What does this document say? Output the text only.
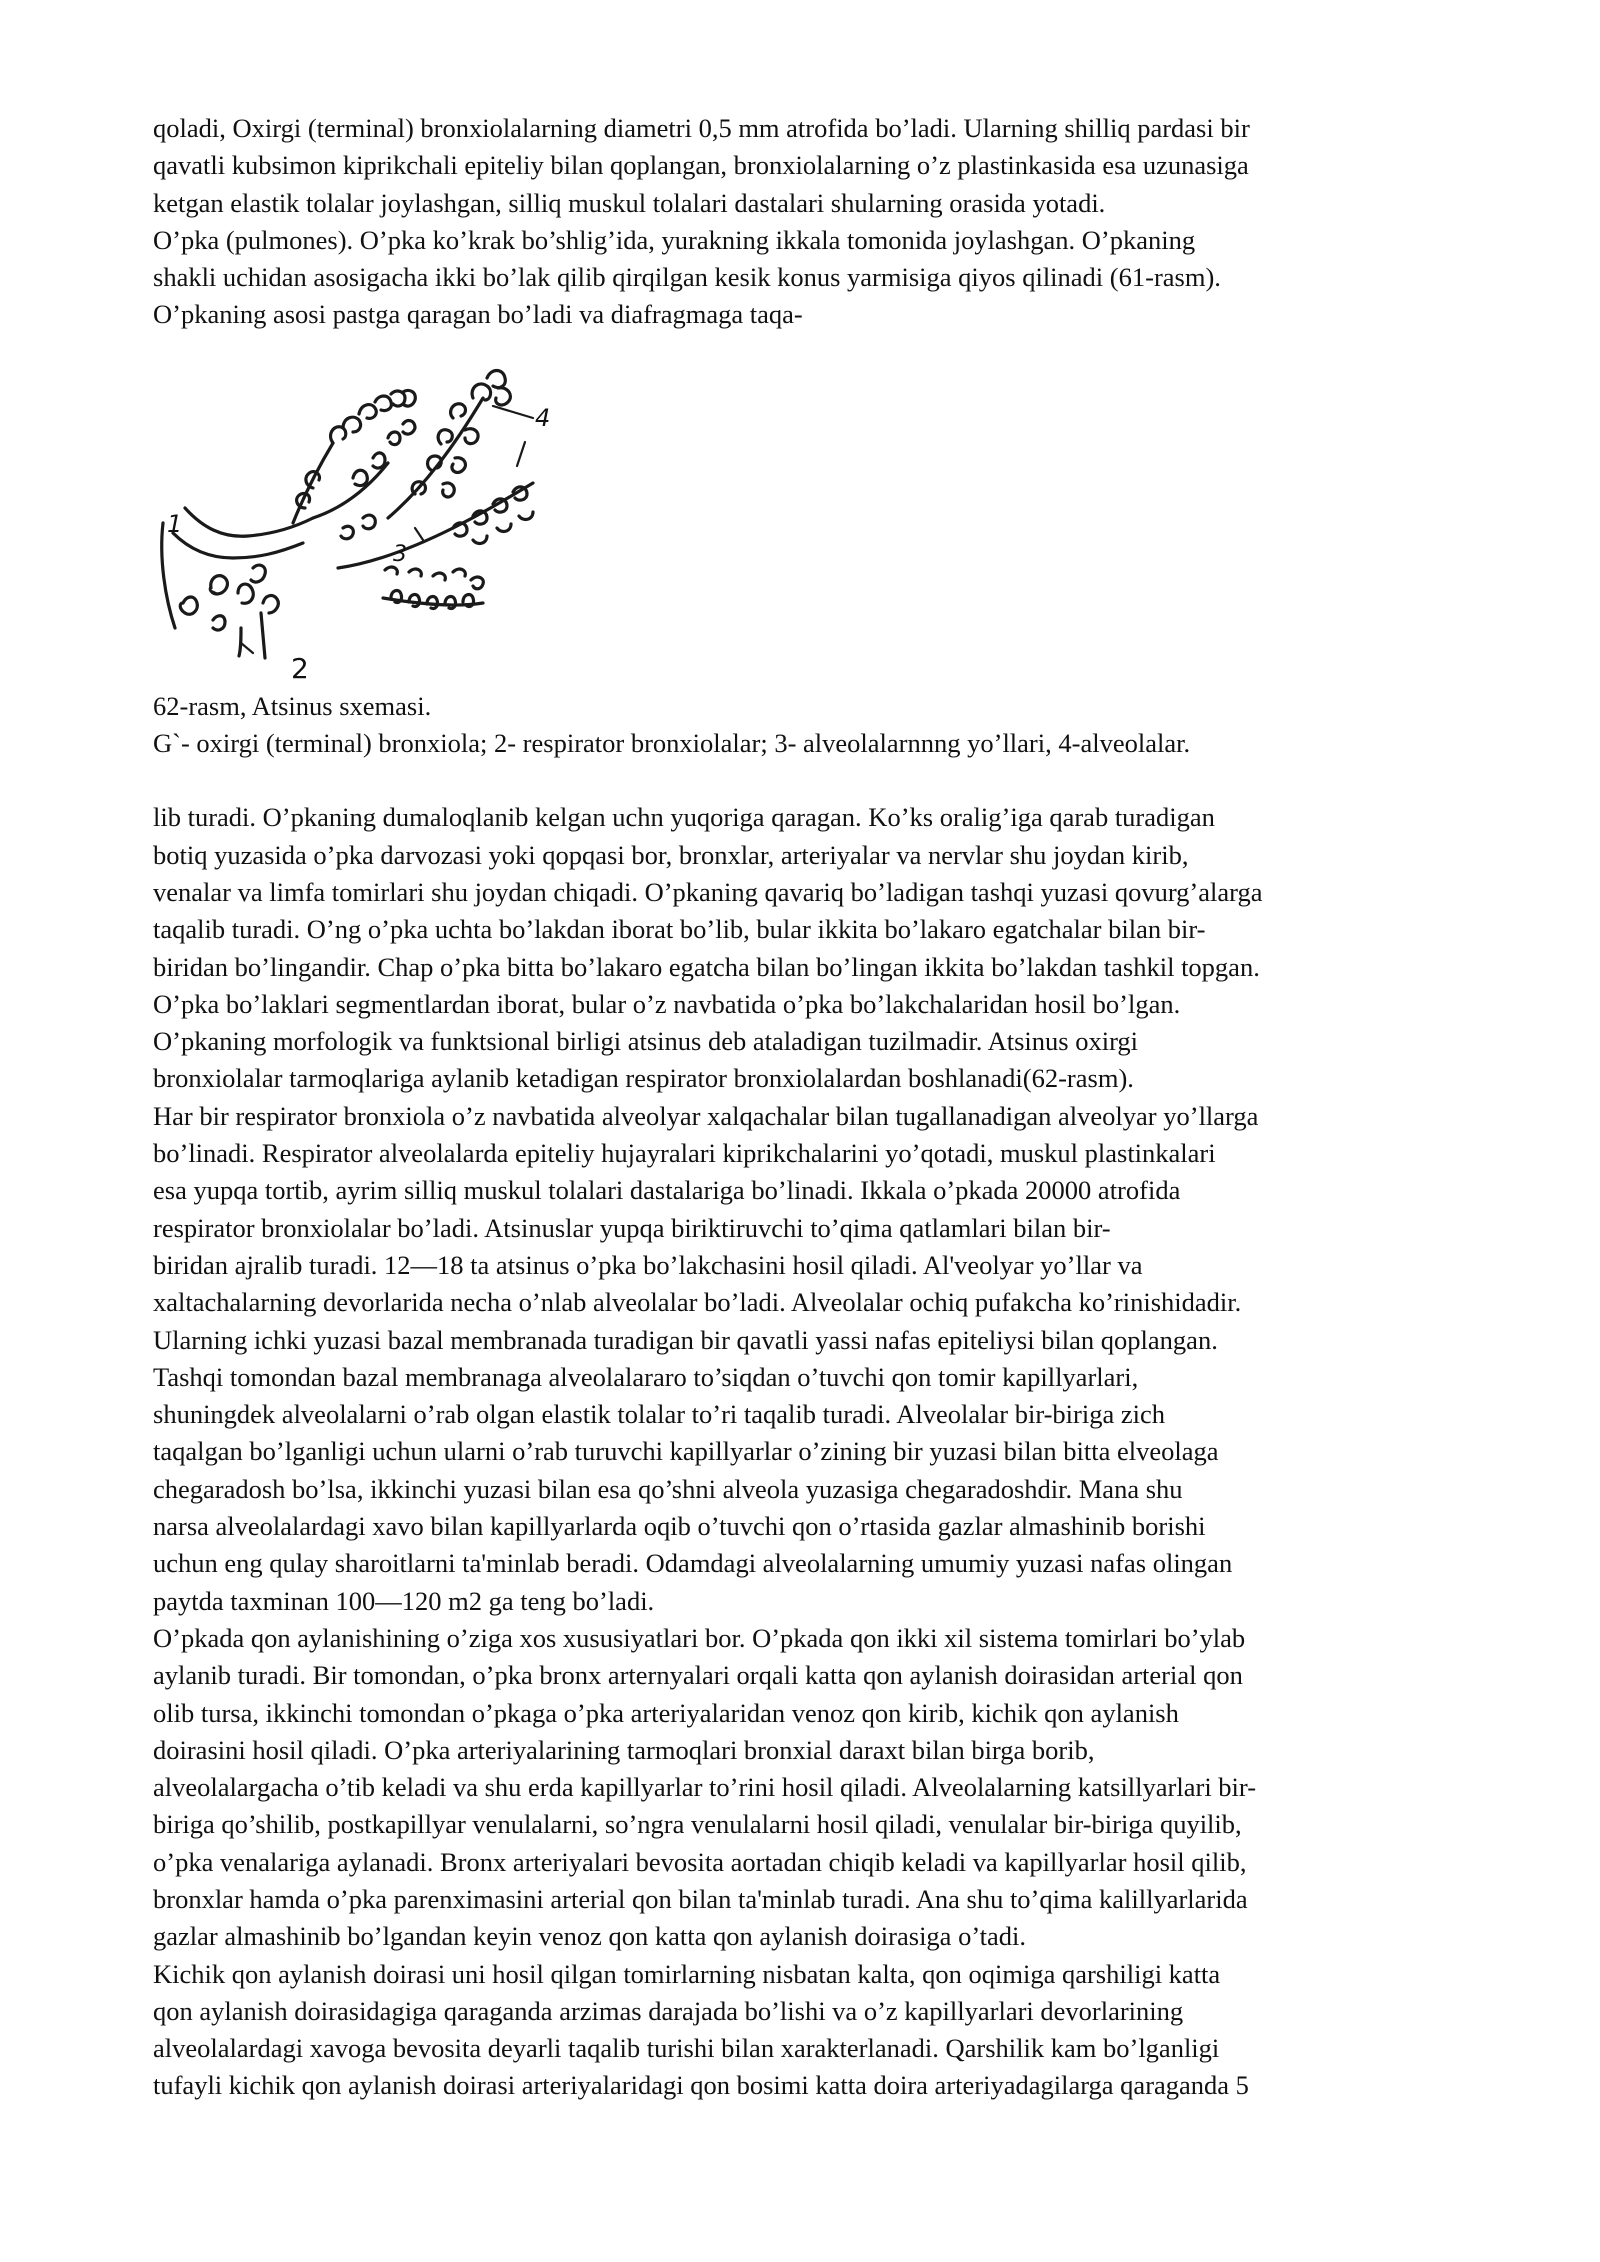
qoladi, Oxirgi (terminal) bronxiolalarning diametri 0,5 mm atrofida bo’ladi. Ularning shilliq pardasi bir
qavatli kubsimon kiprikchali epiteliy bilan qoplangan, bronxiolalarning o’z plastinkasida esa uzunasiga
ketgan elastik tolalar joylashgan, silliq muskul tolalari dastalari shularning orasida yotadi.
O’pka (pulmones). O’pka ko’krak bo’shlig’ida, yurakning ikkala tomonida joylashgan. O’pkaning
shakli uchidan asosigacha ikki bo’lak qilib qirqilgan kesik konus yarmisiga qiyos qilinadi (61-rasm).
O’pkaning asosi pastga qaragan bo’ladi va diafragmaga taqa-
1
2
3
4
62-rasm, Atsinus sxemasi.
G`- oxirgi (terminal) bronxiola; 2- respirator bronxiolalar; 3- alveolalarnnng yo’llari, 4-alveolalar.
lib turadi. O’pkaning dumaloqlanib kelgan uchn yuqoriga qaragan. Ko’ks oralig’iga qarab turadigan
botiq yuzasida o’pka darvozasi yoki qopqasi bor, bronxlar, arteriyalar va nervlar shu joydan kirib,
venalar va limfa tomirlari shu joydan chiqadi. O’pkaning qavariq bo’ladigan tashqi yuzasi qovurg’alarga
taqalib turadi. O’ng o’pka uchta bo’lakdan iborat bo’lib, bular ikkita bo’lakaro egatchalar bilan bir-
biridan bo’lingandir. Chap o’pka bitta bo’lakaro egatcha bilan bo’lingan ikkita bo’lakdan tashkil topgan.
O’pka bo’laklari segmentlardan iborat, bular o’z navbatida o’pka bo’lakchalaridan hosil bo’lgan.
O’pkaning morfologik va funktsional birligi atsinus deb ataladigan tuzilmadir. Atsinus oxirgi
bronxiolalar tarmoqlariga aylanib ketadigan respirator bronxiolalardan boshlanadi(62-rasm).
Har bir respirator bronxiola o’z navbatida alveolyar xalqachalar bilan tugallanadigan alveolyar yo’llarga
bo’linadi. Respirator alveolalarda epiteliy hujayralari kiprikchalarini yo’qotadi, muskul plastinkalari
esa yupqa tortib, ayrim silliq muskul tolalari dastalariga bo’linadi. Ikkala o’pkada 20000 atrofida
respirator bronxiolalar bo’ladi. Atsinuslar yupqa biriktiruvchi to’qima qatlamlari bilan bir-
biridan ajralib turadi. 12—18 ta atsinus o’pka bo’lakchasini hosil qiladi. Al'veolyar yo’llar va
xaltachalarning devorlarida necha o’nlab alveolalar bo’ladi. Alveolalar ochiq pufakcha ko’rinishidadir.
Ularning ichki yuzasi bazal membranada turadigan bir qavatli yassi nafas epiteliysi bilan qoplangan.
Tashqi tomondan bazal membranaga alveolalararo to’siqdan o’tuvchi qon tomir kapillyarlari,
shuningdek alveolalarni o’rab olgan elastik tolalar to’ri taqalib turadi. Alveolalar bir-biriga zich
taqalgan bo’lganligi uchun ularni o’rab turuvchi kapillyarlar o’zining bir yuzasi bilan bitta elveolaga
chegaradosh bo’lsa, ikkinchi yuzasi bilan esa qo’shni alveola yuzasiga chegaradoshdir. Mana shu
narsa alveolalardagi xavo bilan kapillyarlarda oqib o’tuvchi qon o’rtasida gazlar almashinib borishi
uchun eng qulay sharoitlarni ta'minlab beradi. Odamdagi alveolalarning umumiy yuzasi nafas olingan
paytda taxminan 100—120 m2 ga teng bo’ladi.
O’pkada qon aylanishining o’ziga xos xususiyatlari bor. O’pkada qon ikki xil sistema tomirlari bo’ylab
aylanib turadi. Bir tomondan, o’pka bronx arternyalari orqali katta qon aylanish doirasidan arterial qon
olib tursa, ikkinchi tomondan o’pkaga o’pka arteriyalaridan venoz qon kirib, kichik qon aylanish
doirasini hosil qiladi. O’pka arteriyalarining tarmoqlari bronxial daraxt bilan birga borib,
alveolalargacha o’tib keladi va shu erda kapillyarlar to’rini hosil qiladi. Alveolalarning katsillyarlari bir-
biriga qo’shilib, postkapillyar venulalarni, so’ngra venulalarni hosil qiladi, venulalar bir-biriga quyilib,
o’pka venalariga aylanadi. Bronx arteriyalari bevosita aortadan chiqib keladi va kapillyarlar hosil qilib,
bronxlar hamda o’pka parenximasini arterial qon bilan ta'minlab turadi. Ana shu to’qima kalillyarlarida
gazlar almashinib bo’lgandan keyin venoz qon katta qon aylanish doirasiga o’tadi.
Kichik qon aylanish doirasi uni hosil qilgan tomirlarning nisbatan kalta, qon oqimiga qarshiligi katta
qon aylanish doirasidagiga qaraganda arzimas darajada bo’lishi va o’z kapillyarlari devorlarining
alveolalardagi xavoga bevosita deyarli taqalib turishi bilan xarakterlanadi. Qarshilik kam bo’lganligi
tufayli kichik qon aylanish doirasi arteriyalaridagi qon bosimi katta doira arteriyadagilarga qaraganda 5
